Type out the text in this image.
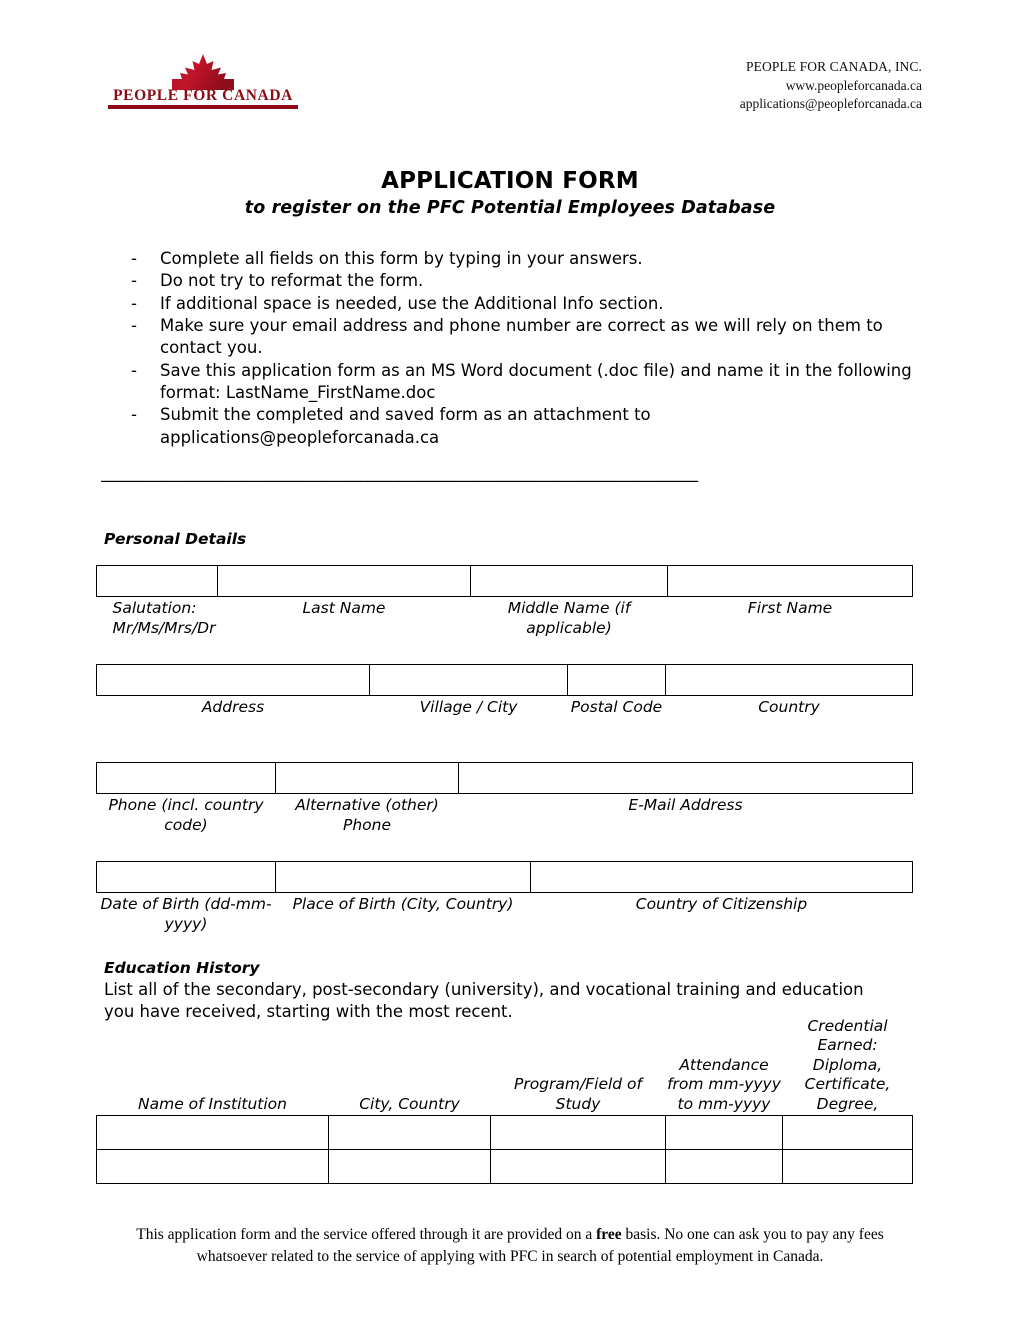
PEOPLE FOR CANADA
PEOPLE FOR CANADA, INC.
www.peopleforcanada.ca
applications@peopleforcanada.ca
APPLICATION FORM
to register on the PFC Potential Employees Database
-	Complete all fields on this form by typing in your answers.
-	Do not try to reformat the form.
-	If additional space is needed, use the Additional Info section.
-	Make sure your email address and phone number are correct as we will rely on them to contact you.
-	Save this application form as an MS Word document (.doc file) and name it in the following format: LastName_FirstName.doc
-	Submit the completed and saved form as an attachment to applications@peopleforcanada.ca
____________________________________________________________________________
Personal Details

Salutation: Mr/Ms/Mrs/Dr	Last Name	Middle Name (if applicable)	First Name

Address	Village / City	Postal Code	Country

Phone (incl. country code)	Alternative (other) Phone	E-Mail Address

Date of Birth (dd-mm-yyyy)	Place of Birth (City, Country)	Country of Citizenship
Education History
List all of the secondary, post-secondary (university), and vocational training and education you have received, starting with the most recent.
Name of Institution	City, Country	Program/Field of Study	Attendance from mm-yyyy to mm-yyyy	Credential Earned: Diploma, Certificate, Degree,

This application form and the service offered through it are provided on a free basis. No one can ask you to pay any fees whatsoever related to the service of applying with PFC in search of potential employment in Canada.
